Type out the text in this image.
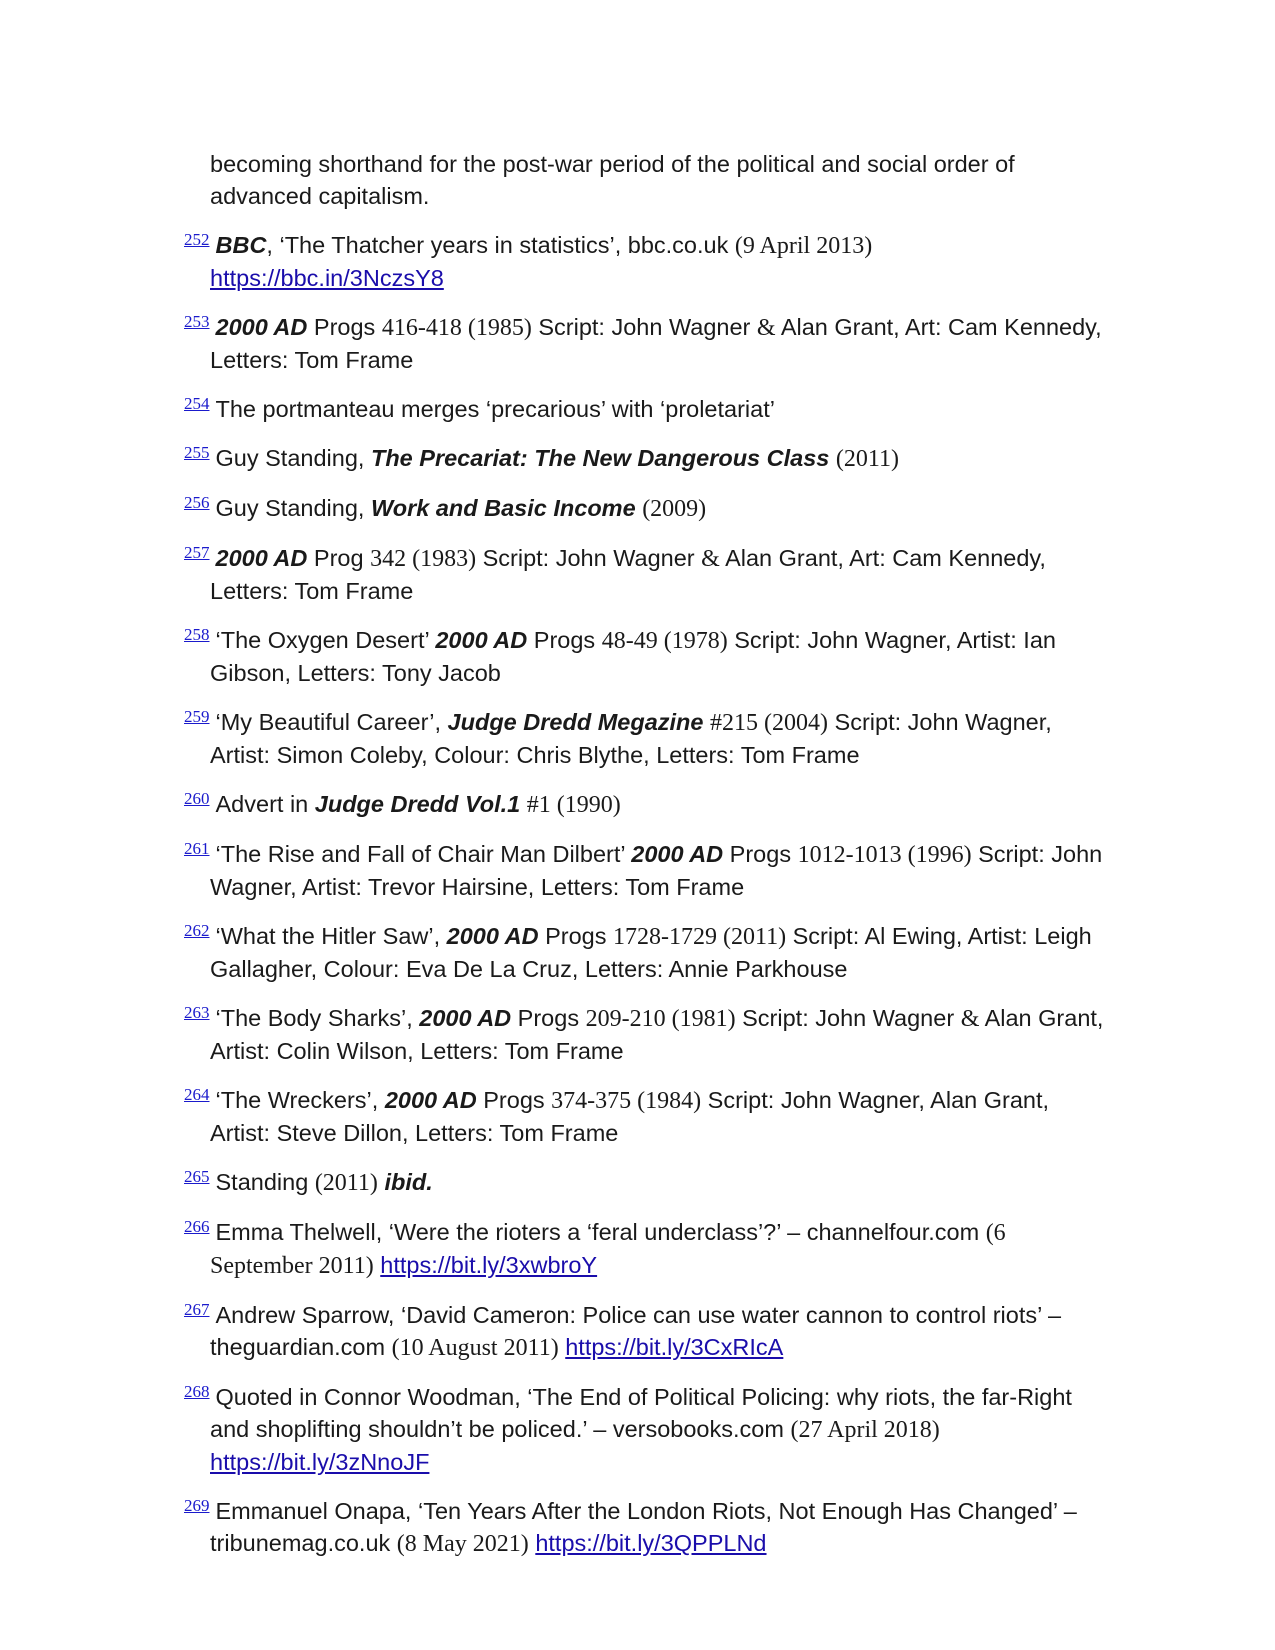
becoming shorthand for the post-war period of the political and social order of advanced capitalism.
$^{252}$ BBC, ‘The Thatcher years in statistics’, bbc.co.uk (9 April 2013) https://bbc.in/3NczsY8
$^{253}$ 2000 AD Progs 416-418 (1985) Script: John Wagner & Alan Grant, Art: Cam Kennedy, Letters: Tom Frame
$^{254}$ The portmanteau merges ‘precarious’ with ‘proletariat’
$^{255}$ Guy Standing, The Precariat: The New Dangerous Class (2011)
$^{256}$ Guy Standing, Work and Basic Income (2009)
$^{257}$ 2000 AD Prog 342 (1983) Script: John Wagner & Alan Grant, Art: Cam Kennedy, Letters: Tom Frame
$^{258}$ ‘The Oxygen Desert’ 2000 AD Progs 48-49 (1978) Script: John Wagner, Artist: Ian Gibson, Letters: Tony Jacob
$^{259}$ ‘My Beautiful Career’, Judge Dredd Megazine #215 (2004) Script: John Wagner, Artist: Simon Coleby, Colour: Chris Blythe, Letters: Tom Frame
$^{260}$ Advert in Judge Dredd Vol.1 #1 (1990)
$^{261}$ ‘The Rise and Fall of Chair Man Dilbert’ 2000 AD Progs 1012-1013 (1996) Script: John Wagner, Artist: Trevor Hairsine, Letters: Tom Frame
$^{262}$ ‘What the Hitler Saw’, 2000 AD Progs 1728-1729 (2011) Script: Al Ewing, Artist: Leigh Gallagher, Colour: Eva De La Cruz, Letters: Annie Parkhouse
$^{263}$ ‘The Body Sharks’, 2000 AD Progs 209-210 (1981) Script: John Wagner & Alan Grant, Artist: Colin Wilson, Letters: Tom Frame
$^{264}$ ‘The Wreckers’, 2000 AD Progs 374-375 (1984) Script: John Wagner, Alan Grant, Artist: Steve Dillon, Letters: Tom Frame
$^{265}$ Standing (2011) ibid.
$^{266}$ Emma Thelwell, ‘Were the rioters a ‘feral underclass’?’ – channelfour.com (6 September 2011) https://bit.ly/3xwbroY
$^{267}$ Andrew Sparrow, ‘David Cameron: Police can use water cannon to control riots’ – theguardian.com (10 August 2011) https://bit.ly/3CxRIcA
$^{268}$ Quoted in Connor Woodman, ‘The End of Political Policing: why riots, the far-Right and shoplifting shouldn’t be policed.’ – versobooks.com (27 April 2018) https://bit.ly/3zNnoJF
$^{269}$ Emmanuel Onapa, ‘Ten Years After the London Riots, Not Enough Has Changed’ – tribunemag.co.uk (8 May 2021) https://bit.ly/3QPPLNd
